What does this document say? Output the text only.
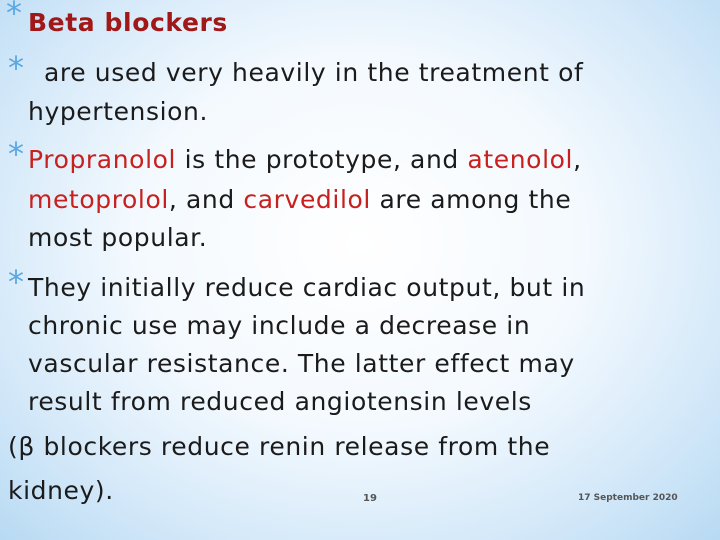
* Beta blockers
* are used very heavily in the treatment of
hypertension.
* Propranolol is the prototype, and atenolol,
metoprolol, and carvedilol are among the
most popular.
* They initially reduce cardiac output, but in
chronic use may include a decrease in
vascular resistance. The latter effect may
result from reduced angiotensin levels
(β blockers reduce renin release from the
kidney).	19	17 September 2020
